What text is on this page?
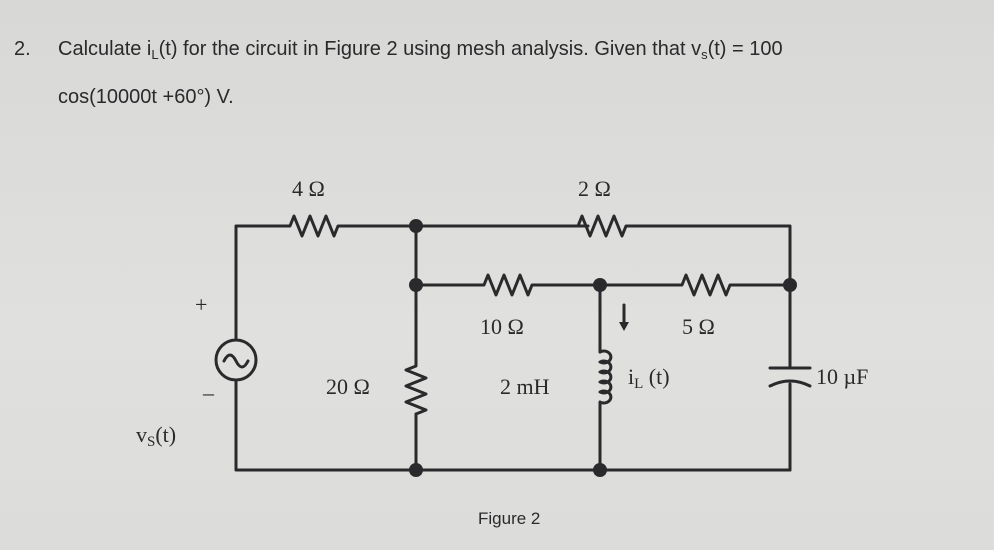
2. Calculate $i_L(t)$ for the circuit in Figure 2 using mesh analysis. Given that $v_s(t) = 100$
cos(10000t +60°) V.
4 Ω	2 Ω
10 Ω	5 Ω
20 Ω	2 mH	iL (t)	10 µF
+
–
vS(t)
Figure 2
